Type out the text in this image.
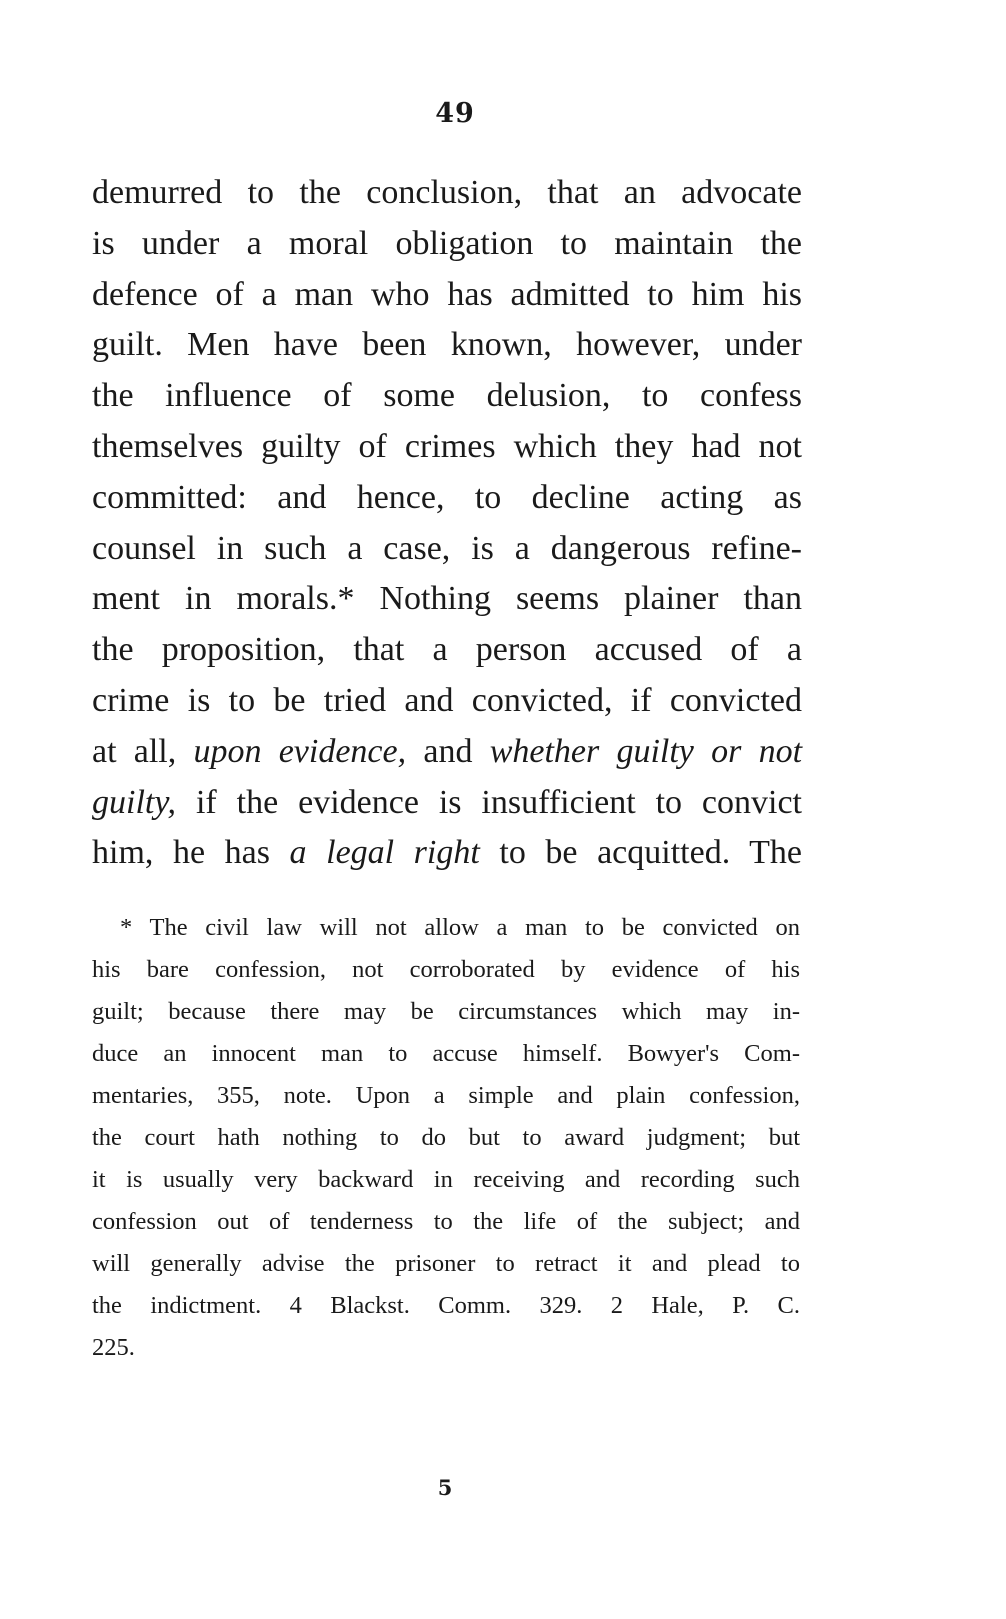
49
demurred to the conclusion, that an advocate
is under a moral obligation to maintain the
defence of a man who has admitted to him his
guilt. Men have been known, however, under
the influence of some delusion, to confess
themselves guilty of crimes which they had not
committed: and hence, to decline acting as
counsel in such a case, is a dangerous refine-
ment in morals.* Nothing seems plainer than
the proposition, that a person accused of a
crime is to be tried and convicted, if convicted
at all, upon evidence, and whether guilty or not
guilty, if the evidence is insufficient to convict
him, he has a legal right to be acquitted. The
* The civil law will not allow a man to be convicted on
his bare confession, not corroborated by evidence of his
guilt; because there may be circumstances which may in-
duce an innocent man to accuse himself. Bowyer's Com-
mentaries, 355, note. Upon a simple and plain confession,
the court hath nothing to do but to award judgment; but
it is usually very backward in receiving and recording such
confession out of tenderness to the life of the subject; and
will generally advise the prisoner to retract it and plead to
the indictment. 4 Blackst. Comm. 329. 2 Hale, P. C.
225.
5
